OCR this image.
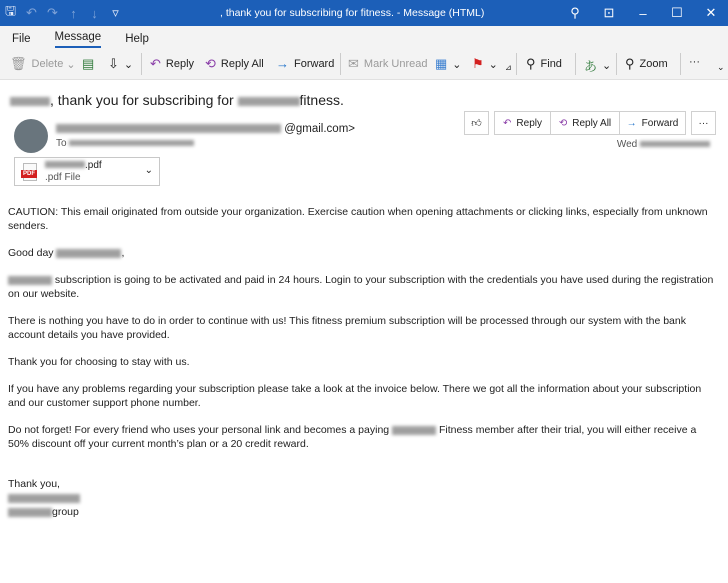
🖫 ↶ ↷ ↑	↓	▿	, thank you for subscribing for fitness. - Message (HTML)	⚲	⊡	–	☐	✕
File Message Help
🗑 Delete ⌄ ▤ ⇩ ⌄ ↶ Reply ⟲ Reply All → Forward ✉ Mark Unread ▦ ⌄ ⚑ ⌄ ⊿ ⚲ Find あ ⌄ ⚲ Zoom ··· ⌄
, thank you for subscribing for	fitness.
@gmail.com>
To
PDF
.pdf
.pdf File
⌄
👍︎ ↶ Reply ⟲ Reply All → Forward	···
Wed

CAUTION: This email originated from outside your organization. Exercise caution when opening attachments or clicking links, especially from unknown senders.

Good day	,

subscription is going to be activated and paid in 24 hours. Login to your subscription with the credentials you have used during the registration on our website.

There is nothing you have to do in order to continue with us! This fitness premium subscription will be processed through our system with the bank account details you have provided.

Thank you for choosing to stay with us.

If you have any problems regarding your subscription please take a look at the invoice below. There we got all the information about your subscription and our customer support phone number.

Do not forget! For every friend who uses your personal link and becomes a paying	Fitness member after their trial, you will either receive a 50% discount off your current month’s plan or a 20 credit reward.

Thank you,

group
